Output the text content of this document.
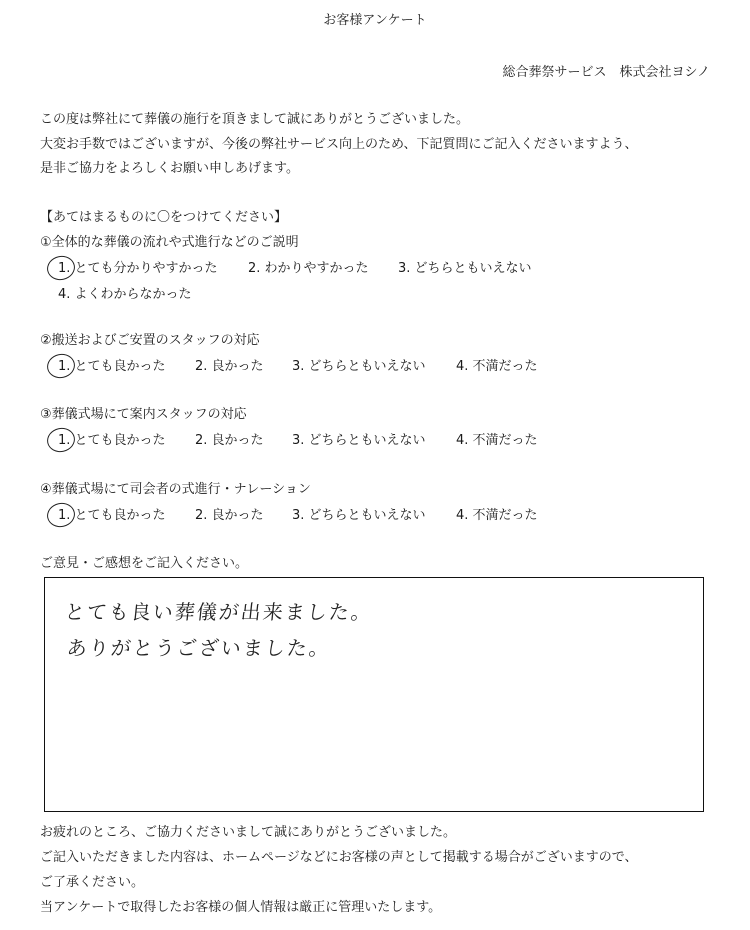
お客様アンケート
総合葬祭サービス　株式会社ヨシノ
この度は弊社にて葬儀の施行を頂きまして誠にありがとうございました。
大変お手数ではございますが、今後の弊社サービス向上のため、下記質問にご記入くださいますよう、
是非ご協力をよろしくお願い申しあげます。
【あてはまるものに〇をつけてください】
①全体的な葬儀の流れや式進行などのご説明
1. とても分かりやすかった 2. わかりやすかった 3. どちらともいえない
4. よくわからなかった
②搬送およびご安置のスタッフの対応
1. とても良かった 2. 良かった 3. どちらともいえない 4. 不満だった
③葬儀式場にて案内スタッフの対応
1. とても良かった 2. 良かった 3. どちらともいえない 4. 不満だった
④葬儀式場にて司会者の式進行・ナレーション
1. とても良かった 2. 良かった 3. どちらともいえない 4. 不満だった
ご意見・ご感想をご記入ください。
とても良い葬儀が出来ました。
ありがとうございました。
お疲れのところ、ご協力くださいまして誠にありがとうございました。
ご記入いただきました内容は、ホームページなどにお客様の声として掲載する場合がございますので、
ご了承ください。
当アンケートで取得したお客様の個人情報は厳正に管理いたします。
